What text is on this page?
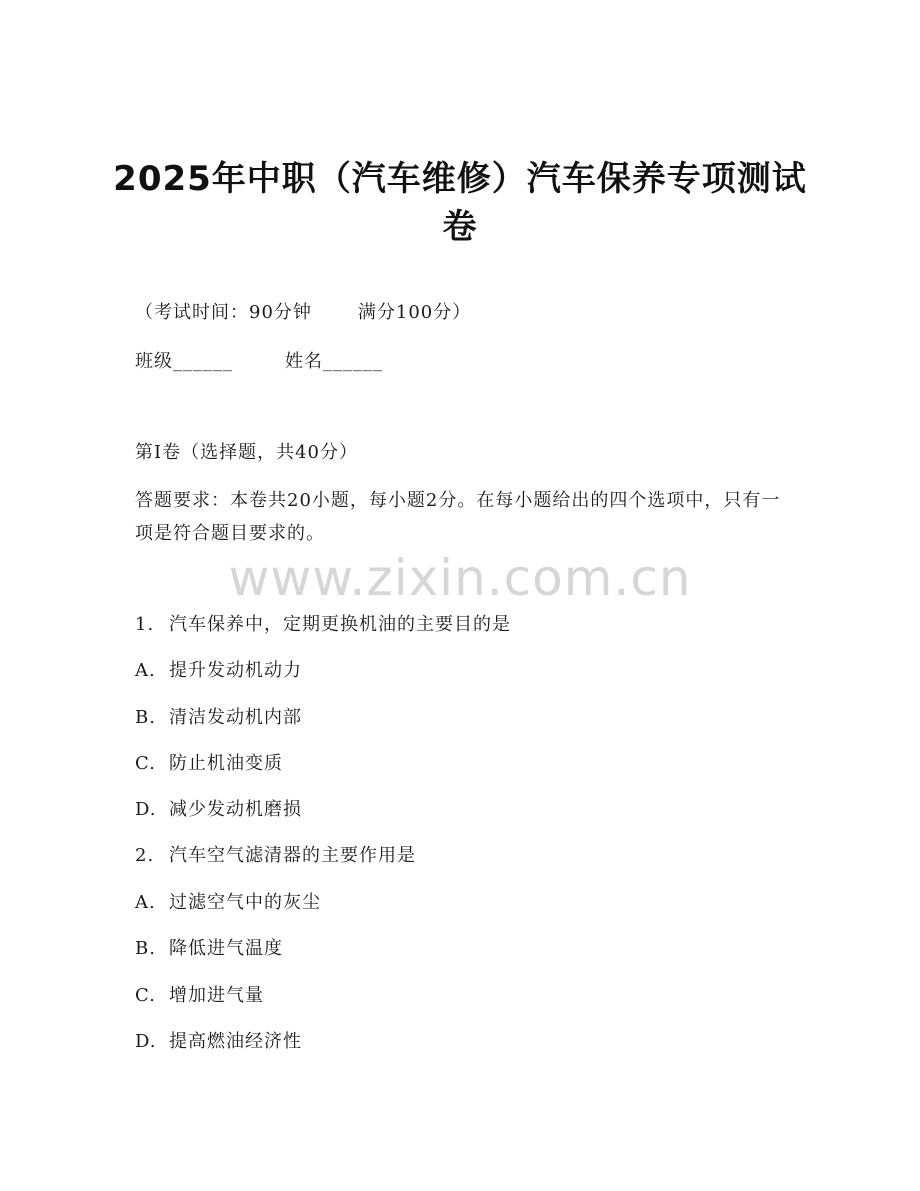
2025年中职（汽车维修）汽车保养专项测试卷
（考试时间：90分钟	满分100分）
班级______	姓名______
第I卷（选择题，共40分）
答题要求：本卷共20小题，每小题2分。在每小题给出的四个选项中，只有一项是符合题目要求的。
www.zixin.com.cn
1. 汽车保养中，定期更换机油的主要目的是
A. 提升发动机动力
B. 清洁发动机内部
C. 防止机油变质
D. 减少发动机磨损
2. 汽车空气滤清器的主要作用是
A. 过滤空气中的灰尘
B. 降低进气温度
C. 增加进气量
D. 提高燃油经济性
